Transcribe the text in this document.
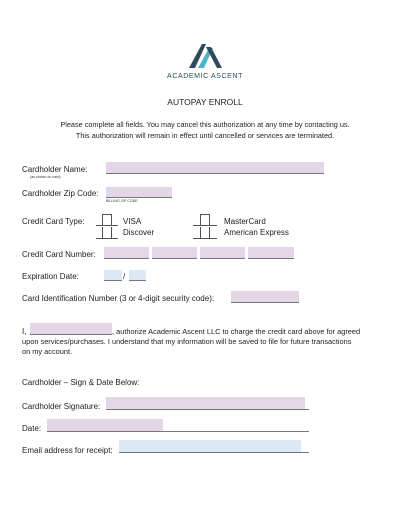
ACADEMIC ASCENT
AUTOPAY ENROLL
Please complete all fields. You may cancel this authorization at any time by contacting us.
This authorization will remain in effect until cancelled or services are terminated.
Cardholder Name:
(as shown on card)
Cardholder Zip Code:
BILLING ZIP CODE
Credit Card Type:	VISA
Discover
MasterCard
American Express
Credit Card Number:
Expiration Date:	/
Card Identification Number (3 or 4-digit security code):
I,	, authorize Academic Ascent LLC to charge the credit card above for agreed
upon services/purchases. I understand that my information will be saved to file for future transactions
on my account.
Cardholder – Sign & Date Below:
Cardholder Signature:
Date:
Email address for receipt:
